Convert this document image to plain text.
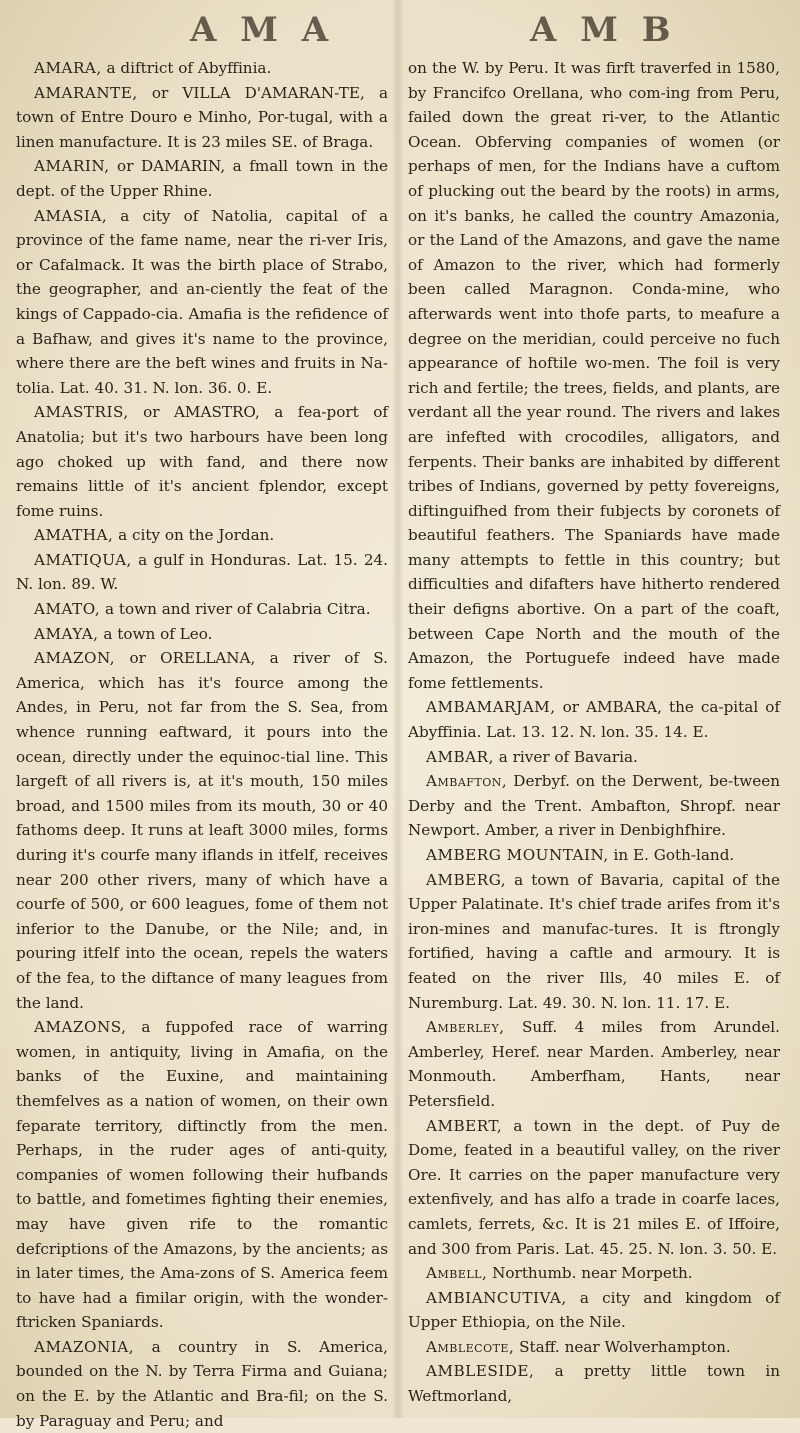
A M A	A M B

AMARA, a diftrict of Abyffinia.

AMARANTE, or VILLA D'AMARAN-TE, a town of Entre Douro e Minho, Por-tugal, with a linen manufacture. It is 23 miles SE. of Braga.

AMARIN, or DAMARIN, a fmall town in the dept. of the Upper Rhine.

AMASIA, a city of Natolia, capital of a province of the fame name, near the ri-ver Iris, or Cafalmack. It was the birth place of Strabo, the geographer, and an-ciently the feat of the kings of Cappado-cia. Amafia is the refidence of a Bafhaw, and gives it's name to the province, where there are the beft wines and fruits in Na-tolia. Lat. 40. 31. N. lon. 36. 0. E.

AMASTRIS, or AMASTRO, a fea-port of Anatolia; but it's two harbours have been long ago choked up with fand, and there now remains little of it's ancient fplendor, except fome ruins.

AMATHA, a city on the Jordan.

AMATIQUA, a gulf in Honduras. Lat. 15. 24. N. lon. 89. W.

AMATO, a town and river of Calabria Citra.

AMAYA, a town of Leo.

AMAZON, or ORELLANA, a river of S. America, which has it's fource among the Andes, in Peru, not far from the S. Sea, from whence running eaftward, it pours into the ocean, directly under the equinoc-tial line. This largeft of all rivers is, at it's mouth, 150 miles broad, and 1500 miles from its mouth, 30 or 40 fathoms deep. It runs at leaft 3000 miles, forms during it's courfe many iflands in itfelf, receives near 200 other rivers, many of which have a courfe of 500, or 600 leagues, fome of them not inferior to the Danube, or the Nile; and, in pouring itfelf into the ocean, repels the waters of the fea, to the diftance of many leagues from the land.

AMAZONS, a fuppofed race of warring women, in antiquity, living in Amafia, on the banks of the Euxine, and maintaining themfelves as a nation of women, on their own feparate territory, diftinctly from the men. Perhaps, in the ruder ages of anti-quity, companies of women following their hufbands to battle, and fometimes fighting their enemies, may have given rife to the romantic defcriptions of the Amazons, by the ancients; as in later times, the Ama-zons of S. America feem to have had a fimilar origin, with the wonder-ftricken Spaniards.

AMAZONIA, a country in S. America, bounded on the N. by Terra Firma and Guiana; on the E. by the Atlantic and Bra-fil; on the S. by Paraguay and Peru; and

on the W. by Peru. It was firft traverfed in 1580, by Francifco Orellana, who com-ing from Peru, failed down the great ri-ver, to the Atlantic Ocean. Obferving companies of women (or perhaps of men, for the Indians have a cuftom of plucking out the beard by the roots) in arms, on it's banks, he called the country Amazonia, or the Land of the Amazons, and gave the name of Amazon to the river, which had formerly been called Maragnon. Conda-mine, who afterwards went into thofe parts, to meafure a degree on the meridian, could perceive no fuch appearance of hoftile wo-men. The foil is very rich and fertile; the trees, fields, and plants, are verdant all the year round. The rivers and lakes are infefted with crocodiles, alligators, and ferpents. Their banks are inhabited by different tribes of Indians, governed by petty fovereigns, diftinguifhed from their fubjects by coronets of beautiful feathers. The Spaniards have made many attempts to fettle in this country; but difficulties and difafters have hitherto rendered their defigns abortive. On a part of the coaft, between Cape North and the mouth of the Amazon, the Portuguefe indeed have made fome fettlements.

AMBAMARJAM, or AMBARA, the ca-pital of Abyffinia. Lat. 13. 12. N. lon. 35. 14. E.

AMBAR, a river of Bavaria.

Ambafton, Derbyf. on the Derwent, be-tween Derby and the Trent. Ambafton, Shropf. near Newport. Amber, a river in Denbighfhire.

AMBERG MOUNTAIN, in E. Goth-land.

AMBERG, a town of Bavaria, capital of the Upper Palatinate. It's chief trade arifes from it's iron-mines and manufac-tures. It is ftrongly fortified, having a caftle and armoury. It is feated on the river Ills, 40 miles E. of Nuremburg. Lat. 49. 30. N. lon. 11. 17. E.

Amberley, Suff. 4 miles from Arundel. Amberley, Heref. near Marden. Amberley, near Monmouth. Amberfham, Hants, near Petersfield.

AMBERT, a town in the dept. of Puy de Dome, feated in a beautiful valley, on the river Ore. It carries on the paper manufacture very extenfively, and has alfo a trade in coarfe laces, camlets, ferrets, &c. It is 21 miles E. of Iffoire, and 300 from Paris. Lat. 45. 25. N. lon. 3. 50. E.

Ambell, Northumb. near Morpeth.

AMBIANCUTIVA, a city and kingdom of Upper Ethiopia, on the Nile.

Amblecote, Staff. near Wolverhampton.

AMBLESIDE, a pretty little town in Weftmorland,
